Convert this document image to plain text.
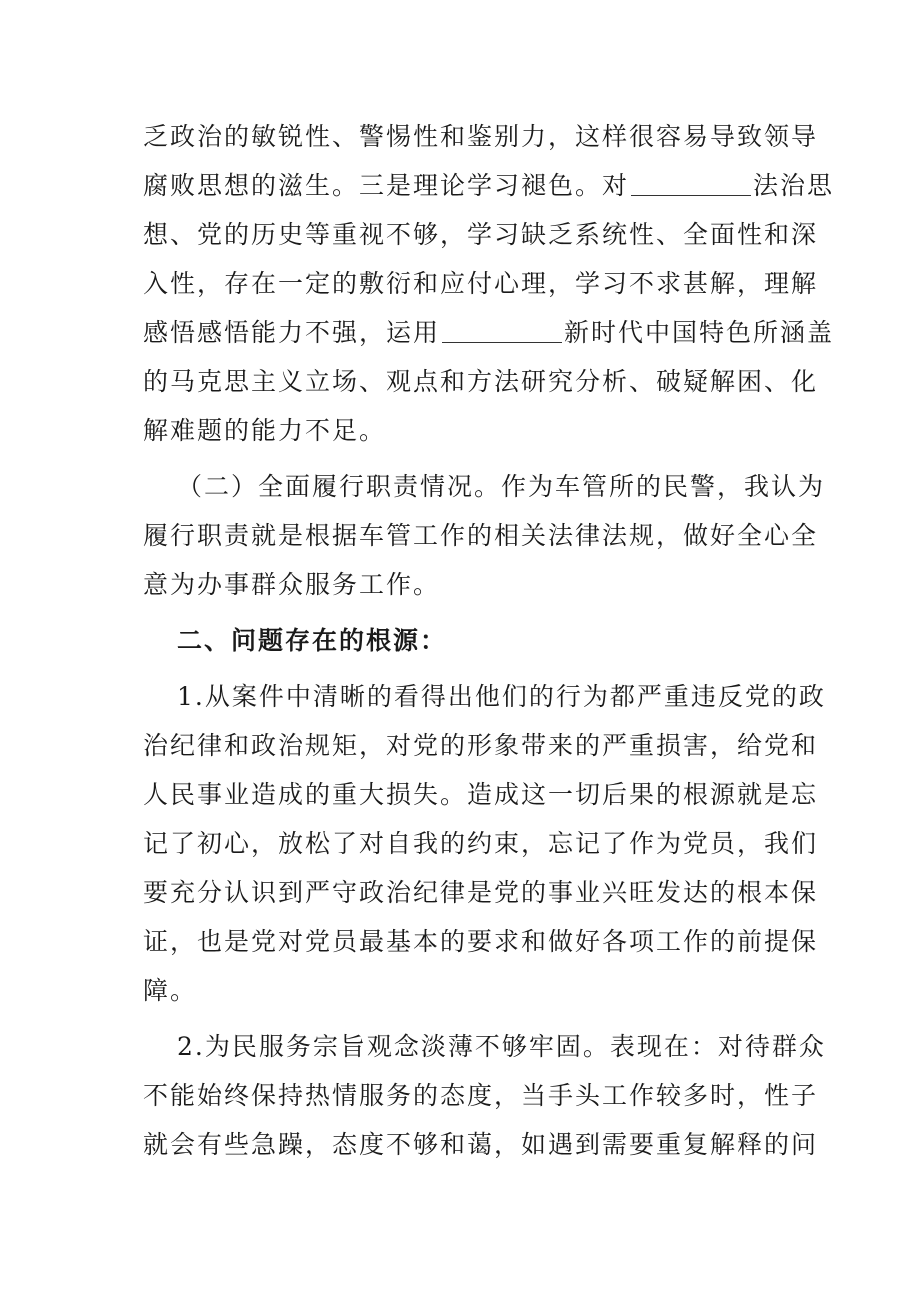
乏政治的敏锐性、警惕性和鉴别力，这样很容易导致领导
腐败思想的滋生。三是理论学习褪色。对	法治思
想、党的历史等重视不够，学习缺乏系统性、全面性和深
入性，存在一定的敷衍和应付心理，学习不求甚解，理解
感悟感悟能力不强，运用	新时代中国特色所涵盖
的马克思主义立场、观点和方法研究分析、破疑解困、化
解难题的能力不足。
（二）全面履行职责情况。作为车管所的民警，我认为
履行职责就是根据车管工作的相关法律法规，做好全心全
意为办事群众服务工作。
二、问题存在的根源：
1.从案件中清晰的看得出他们的行为都严重违反党的政
治纪律和政治规矩，对党的形象带来的严重损害，给党和
人民事业造成的重大损失。造成这一切后果的根源就是忘
记了初心，放松了对自我的约束，忘记了作为党员，我们
要充分认识到严守政治纪律是党的事业兴旺发达的根本保
证，也是党对党员最基本的要求和做好各项工作的前提保
障。
2.为民服务宗旨观念淡薄不够牢固。表现在：对待群众
不能始终保持热情服务的态度，当手头工作较多时，性子
就会有些急躁，态度不够和蔼，如遇到需要重复解释的问
